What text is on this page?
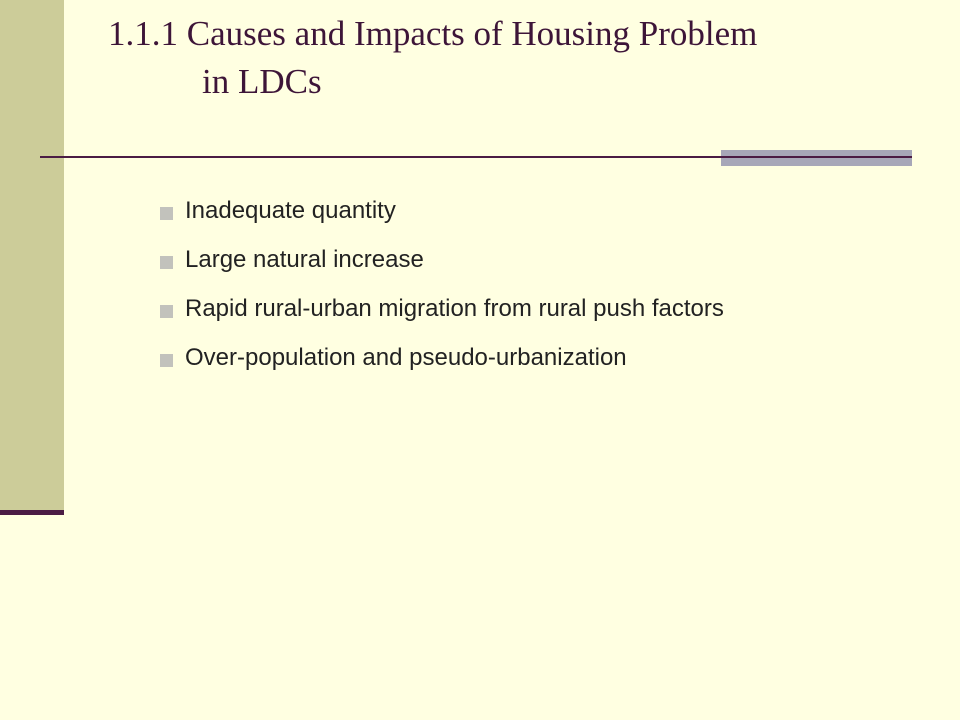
1.1.1 Causes and Impacts of Housing Problem
in LDCs
Inadequate quantity
Large natural increase
Rapid rural-urban migration from rural push factors
Over-population and pseudo-urbanization
